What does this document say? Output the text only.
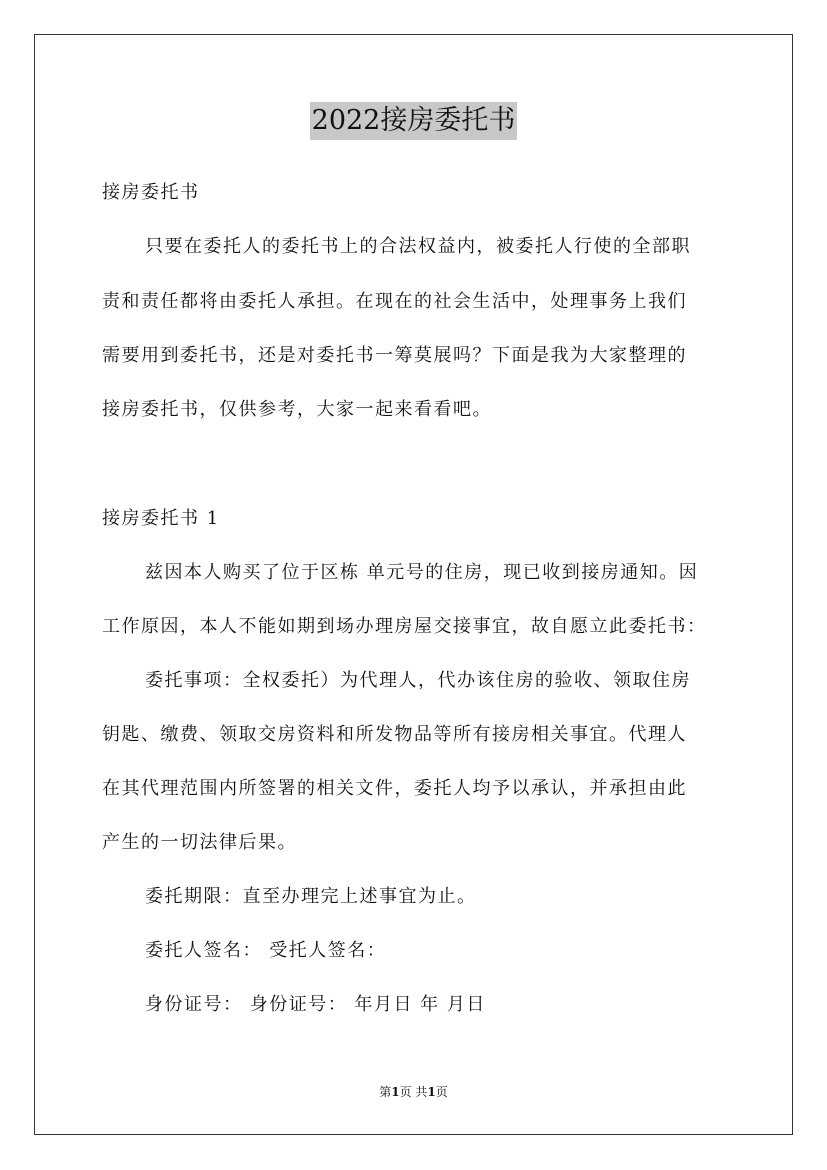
2022接房委托书
接房委托书
只要在委托人的委托书上的合法权益内，被委托人行使的全部职
责和责任都将由委托人承担。在现在的社会生活中，处理事务上我们
需要用到委托书，还是对委托书一筹莫展吗？下面是我为大家整理的
接房委托书，仅供参考，大家一起来看看吧。
接房委托书 1
兹因本人购买了位于区栋 单元号的住房，现已收到接房通知。因
工作原因，本人不能如期到场办理房屋交接事宜，故自愿立此委托书：
委托事项：全权委托）为代理人，代办该住房的验收、领取住房
钥匙、缴费、领取交房资料和所发物品等所有接房相关事宜。代理人
在其代理范围内所签署的相关文件，委托人均予以承认，并承担由此
产生的一切法律后果。
委托期限：直至办理完上述事宜为止。
委托人签名： 受托人签名：
身份证号： 身份证号： 年月日 年 月日
第1页 共1页
